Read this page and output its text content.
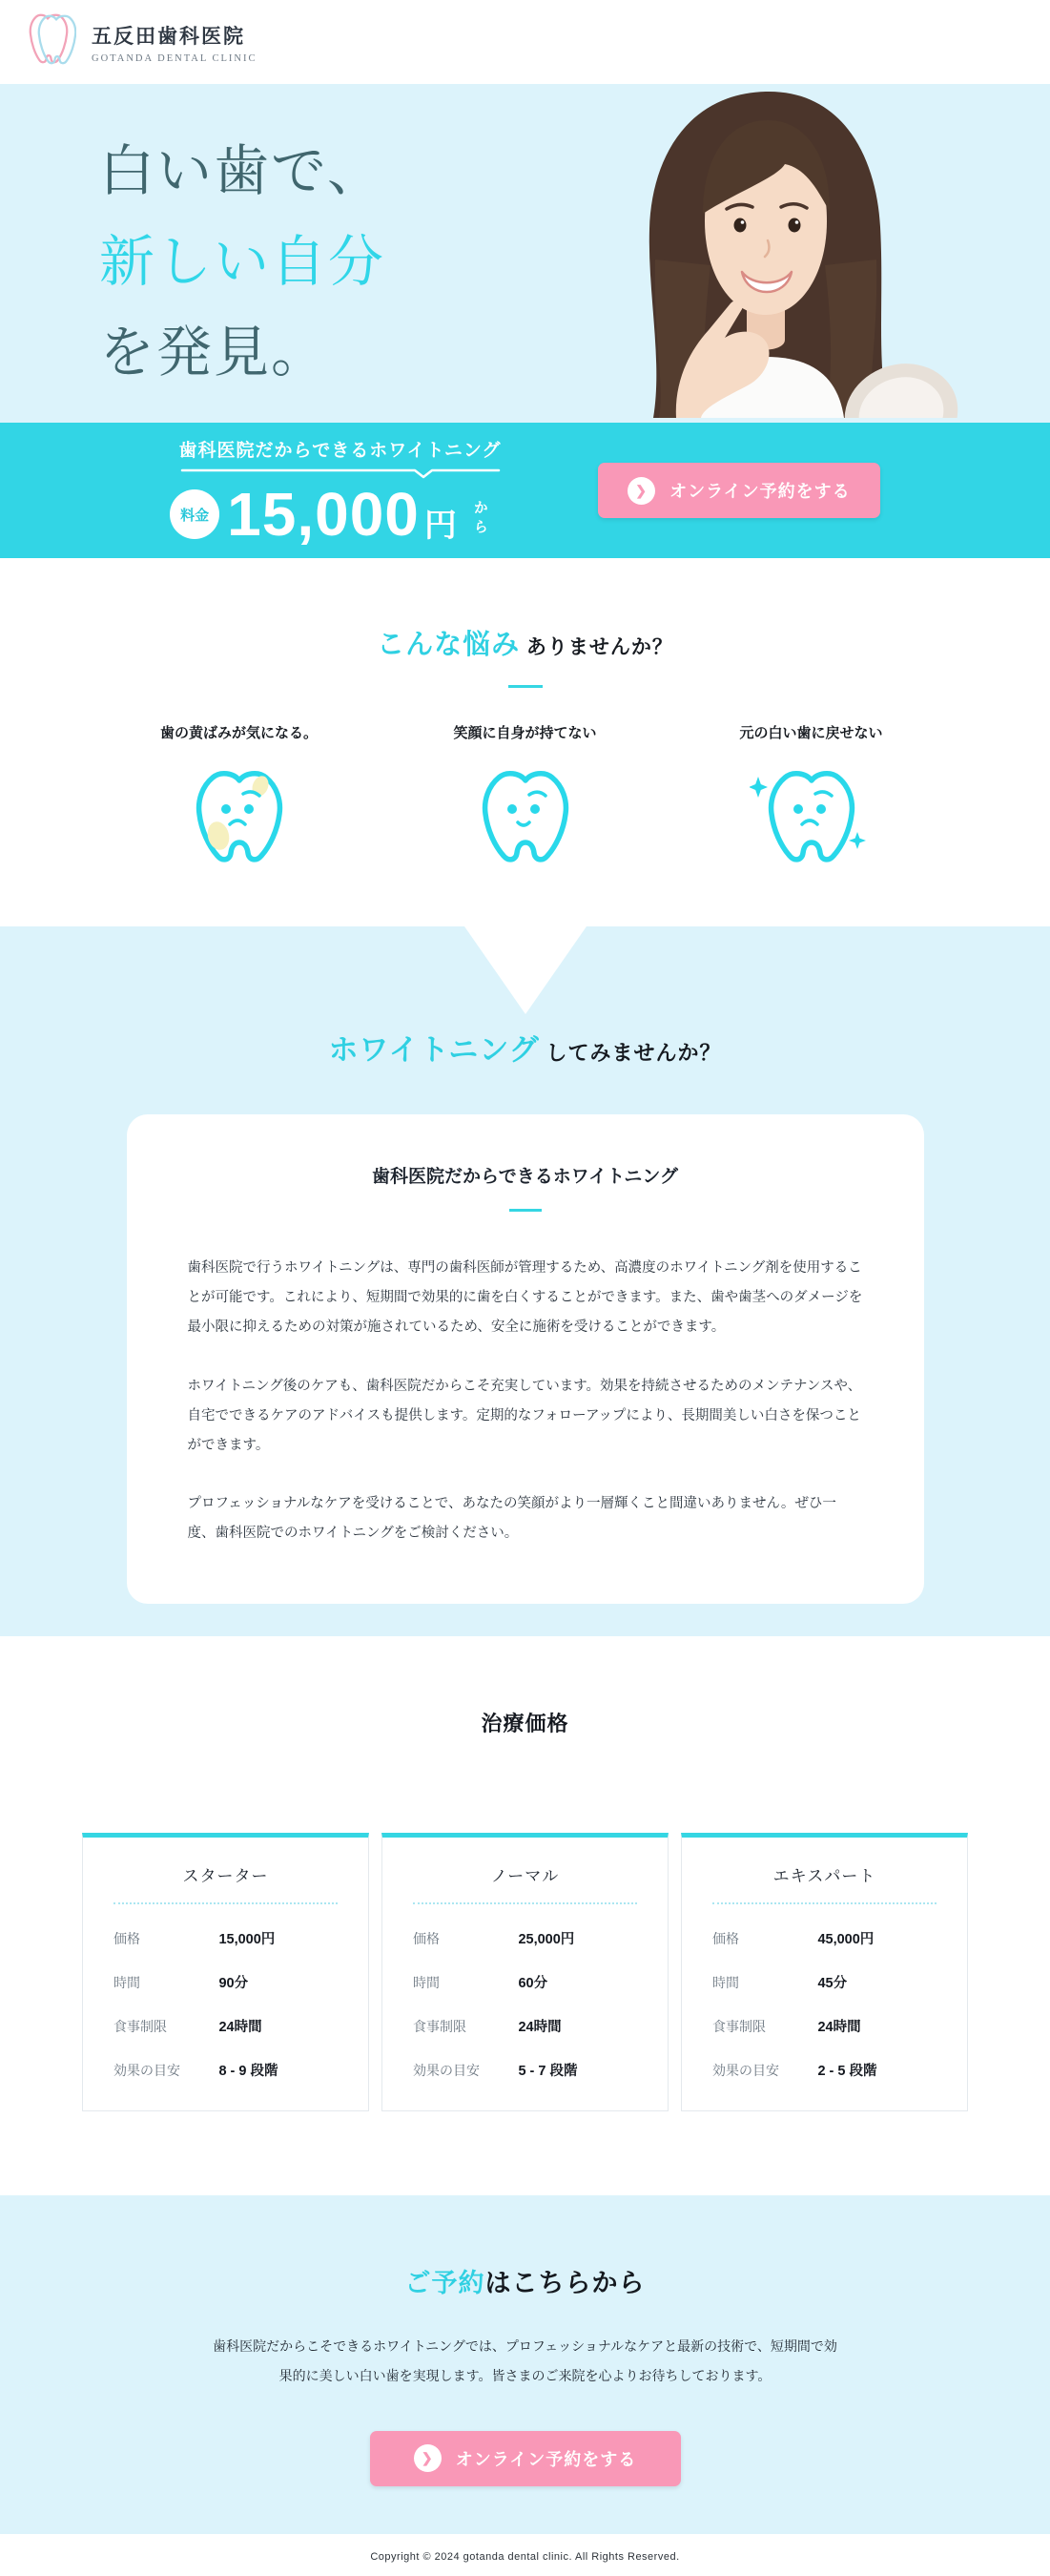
五反田歯科医院
GOTANDA DENTAL CLINIC
白い歯で、
新しい自分
を発見。
歯科医院だからできるホワイトニング
料金 15,000 円 から
❯	オンライン予約をする
こんな悩み ありませんか？
歯の黄ばみが気になる。	笑顔に自身が持てない	元の白い歯に戻せない
ホワイトニング してみませんか？
歯科医院だからできるホワイトニング

歯科医院で行うホワイトニングは、専門の歯科医師が管理するため、高濃度のホワイトニング剤を使用することが可能です。これにより、短期間で効果的に歯を白くすることができます。また、歯や歯茎へのダメージを最小限に抑えるための対策が施されているため、安全に施術を受けることができます。

ホワイトニング後のケアも、歯科医院だからこそ充実しています。効果を持続させるためのメンテナンスや、自宅でできるケアのアドバイスも提供します。定期的なフォローアップにより、長期間美しい白さを保つことができます。

プロフェッショナルなケアを受けることで、あなたの笑顔がより一層輝くこと間違いありません。ぜひ一度、歯科医院でのホワイトニングをご検討ください。

治療価格
スターター
価格	15,000円
時間	90分
食事制限	24時間
効果の目安	8 - 9 段階
ノーマル
価格	25,000円
時間	60分
食事制限	24時間
効果の目安	5 - 7 段階
エキスパート
価格	45,000円
時間	45分
食事制限	24時間
効果の目安	2 - 5 段階
ご予約はこちらから

歯科医院だからこそできるホワイトニングでは、プロフェッショナルなケアと最新の技術で、短期間で効果的に美しい白い歯を実現します。皆さまのご来院を心よりお待ちしております。

❯	オンライン予約をする
Copyright © 2024 gotanda dental clinic. All Rights Reserved.
